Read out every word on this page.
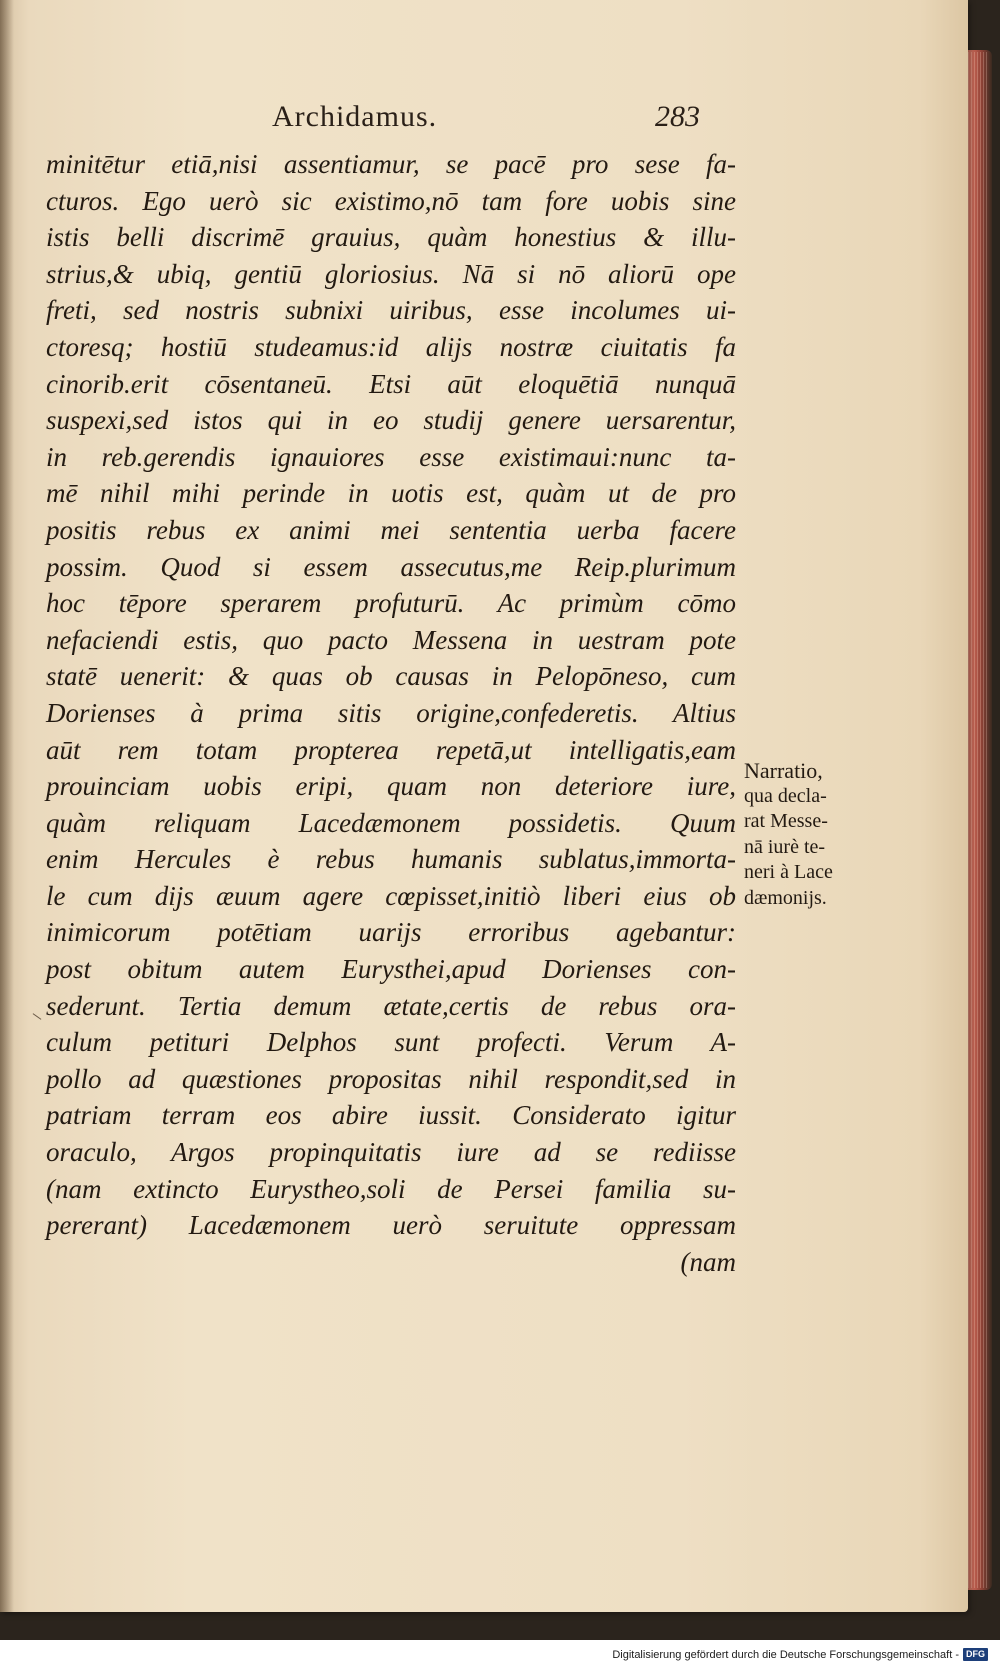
Archidamus.	283
minitētur etiā,nisi assentiamur, se pacē pro sese fa-
cturos. Ego uerò sic existimo,nō tam fore uobis sine
istis belli discrimē grauius, quàm honestius & illu-
strius,& ubiq, gentiū gloriosius. Nā si nō aliorū ope
freti, sed nostris subnixi uiribus, esse incolumes ui-
ctoresq; hostiū studeamus:id alijs nostræ ciuitatis fa
cinorib.erit cōsentaneū. Etsi aūt eloquētiā nunquā
suspexi,sed istos qui in eo studij genere uersarentur,
in reb.gerendis ignauiores esse existimaui:nunc ta-
mē nihil mihi perinde in uotis est, quàm ut de pro
positis rebus ex animi mei sententia uerba facere
possim. Quod si essem assecutus,me Reip.plurimum
hoc tēpore sperarem profuturū. Ac primùm cōmo
nefaciendi estis, quo pacto Messena in uestram pote
statē uenerit: & quas ob causas in Pelopōneso, cum
Dorienses à prima sitis origine,confederetis. Altius
aūt rem totam propterea repetā,ut intelligatis,eam
prouinciam uobis eripi, quam non deteriore iure,
quàm reliquam Lacedæmonem possidetis. Quum
enim Hercules è rebus humanis sublatus,immorta-
le cum dijs æuum agere cœpisset,initiò liberi eius ob
inimicorum potētiam uarijs erroribus agebantur:
post obitum autem Eurysthei,apud Dorienses con-
sederunt. Tertia demum ætate,certis de rebus ora-
culum petituri Delphos sunt profecti. Verum A-
pollo ad quæstiones propositas nihil respondit,sed in
patriam terram eos abire iussit. Considerato igitur
oraculo, Argos propinquitatis iure ad se rediisse
(nam extincto Eurystheo,soli de Persei familia su-
pererant) Lacedæmonem uerò seruitute oppressam
(nam
Narratio,
qua decla-
rat Messe-
nā iurè te-
neri à Lace
dæmonijs.
Digitalisierung gefördert durch die Deutsche Forschungsgemeinschaft - DFG
